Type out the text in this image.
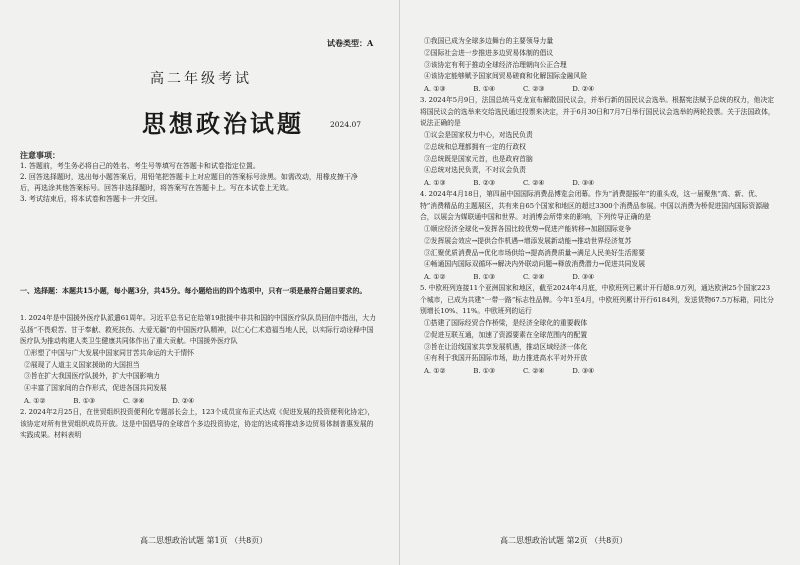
试卷类型：A
高二年级考试
思想政治试题	2024.07

注意事项：

1. 答题前，考生务必将自己的姓名、考生号等填写在答题卡和试卷指定位置。

2. 回答选择题时，选出每小题答案后，用铅笔把答题卡上对应题目的答案标号涂黑。如需改动，用橡皮擦干净后，再选涂其他答案标号。回答非选择题时，将答案写在答题卡上。写在本试卷上无效。

3. 考试结束后，将本试卷和答题卡一并交回。

一、选择题：本题共15小题，每小题3分，共45分。每小题给出的四个选项中，只有一项是最符合题目要求的。

1. 2024年是中国援外医疗队派遣61周年。习近平总书记在给第19批援中非共和国的中国医疗队队员回信中指出，大力弘扬“不畏艰苦、甘于奉献、救死扶伤、大爱无疆”的中国医疗队精神，以仁心仁术造福当地人民，以实际行动诠释中国医疗队为推动构建人类卫生健康共同体作出了重大贡献。中国援外医疗队

①形塑了中国与广大发展中国家同甘苦共命运的大于情怀

②展现了人道主义国家援助的大国担当

③旨在扩大我国医疗队援外，扩大中国影响力

④丰富了国家间的合作形式，促进各国共同发展

A. ①②	B. ①③	C. ③④	D. ②④

2. 2024年2月25日，在世贸组织投资便利化专题部长会上，123个成员宣布正式达成《促进发展的投资便利化协定》，该协定对所有世贸组织成员开放。这是中国倡导的全球首个多边投资协定，协定的达成将推动多边贸易体制普惠发展的实践成果。材料表明

①我国已成为全球多边舞台的主要领导力量

②国际社会进一步推进多边贸易体制的倡议

③该协定有利于推动全球经济治理朝向公正合理

④该协定能够赋予国家间贸易磋商和化解国际金融风险

A. ①③	B. ①④	C. ②③	D. ②④

3. 2024年5月9日，法国总统马克龙宣布解散国民议会，并举行新的国民议会选举。根据宪法赋予总统的权力，他决定将国民议会的选举来交给选民通过投票来决定，并于6月30日和7月7日举行国民议会选举的两轮投票。关于法国政体，说法正确的是

①议会是国家权力中心，对选民负责

②总统和总理都拥有一定的行政权

③总统既是国家元首，也是政府首脑

④总统对选民负责，不对议会负责

A. ①③	B. ②③	C. ②④	D. ③④

4. 2024年4月18日，第四届中国国际消费品博览会闭幕。作为“消费提振年”的重头戏，这一届聚焦“高、新、优、特”消费精品的主题展区，共有来自65个国家和地区的超过3300个消费品参展。中国以消费为桥促进国内国际资源融合，以展会为媒联通中国和世界。对消博会所带来的影响，下列传导正确的是

①顺应经济全球化→发挥各国比较优势→促进产能转移→加剧国际竞争

②发挥展会效应→提供合作机遇→增添发展新动能→推动世界经济复苏

③汇聚优质消费品→优化市场供给→提高消费质量→满足人民美好生活需要

④畅通国内国际双循环→解决内外联动问题→释放消费潜力→促进共同发展

A. ①②	B. ①③	C. ②④	D. ③④

5. 中欧班列连接11个亚洲国家和地区，截至2024年4月底，中欧班列已累计开行超8.9万列，通达欧洲25个国家223个城市，已成为共建“一带一路”标志性品牌。今年1至4月，中欧班列累计开行6184列，发送货物67.5万标箱，同比分别增长10%、11%。中欧班列的运行

①搭建了国际经贸合作桥梁，是经济全球化的重要载体

②促进互联互通，加速了资源要素在全球范围内的配置

③旨在让沿线国家共享发展机遇，推动区域经济一体化

④有利于我国开拓国际市场，助力推进高水平对外开放

A. ①②	B. ①③	C. ②④	D. ③④
高二思想政治试题 第1页 （共8页）	高二思想政治试题 第2页 （共8页）
